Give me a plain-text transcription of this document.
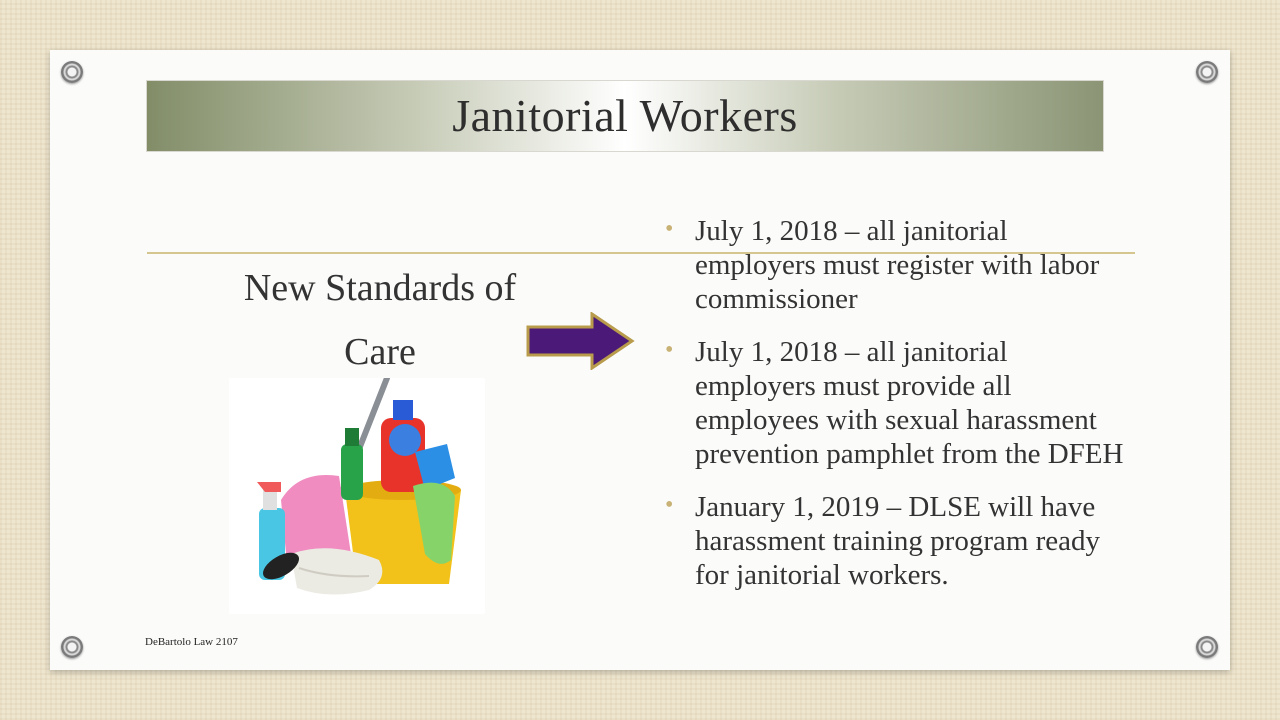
Janitorial Workers
New Standards of
Care
• July 1, 2018 – all janitorial employers must register with labor commissioner
• July 1, 2018 – all janitorial employers must provide all employees with sexual harassment prevention pamphlet from the DFEH
• January 1, 2019 – DLSE will have harassment training program ready for janitorial workers.
DeBartolo Law 2107
